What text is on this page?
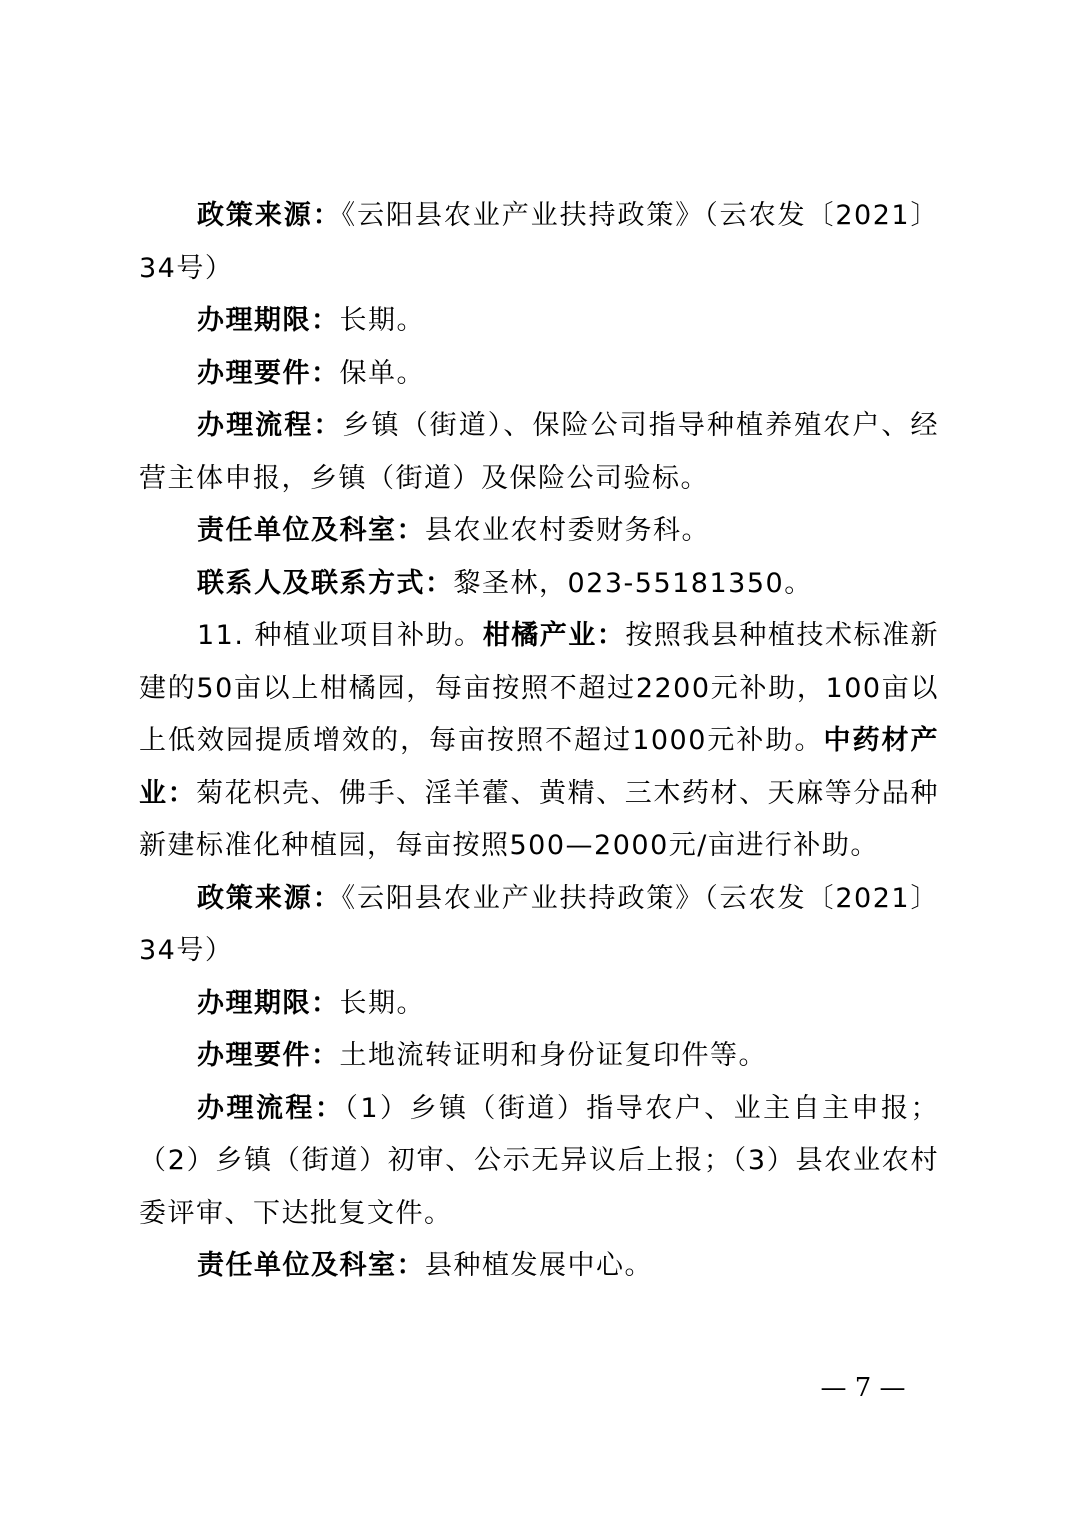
政策来源：《云阳县农业产业扶持政策》（云农发〔2021〕34号）

办理期限：长期。

办理要件：保单。

办理流程：乡镇（街道）、保险公司指导种植养殖农户、经营主体申报，乡镇（街道）及保险公司验标。

责任单位及科室：县农业农村委财务科。

联系人及联系方式：黎圣林，023-55181350。

11. 种植业项目补助。柑橘产业：按照我县种植技术标准新建的50亩以上柑橘园，每亩按照不超过2200元补助，100亩以上低效园提质增效的，每亩按照不超过1000元补助。中药材产业：菊花枳壳、佛手、淫羊藿、黄精、三木药材、天麻等分品种新建标准化种植园，每亩按照500—2000元/亩进行补助。

政策来源：《云阳县农业产业扶持政策》（云农发〔2021〕34号）

办理期限：长期。

办理要件：土地流转证明和身份证复印件等。

办理流程：（1）乡镇（街道）指导农户、业主自主申报；（2）乡镇（街道）初审、公示无异议后上报；（3）县农业农村委评审、下达批复文件。

责任单位及科室：县种植发展中心。

— 7 —
